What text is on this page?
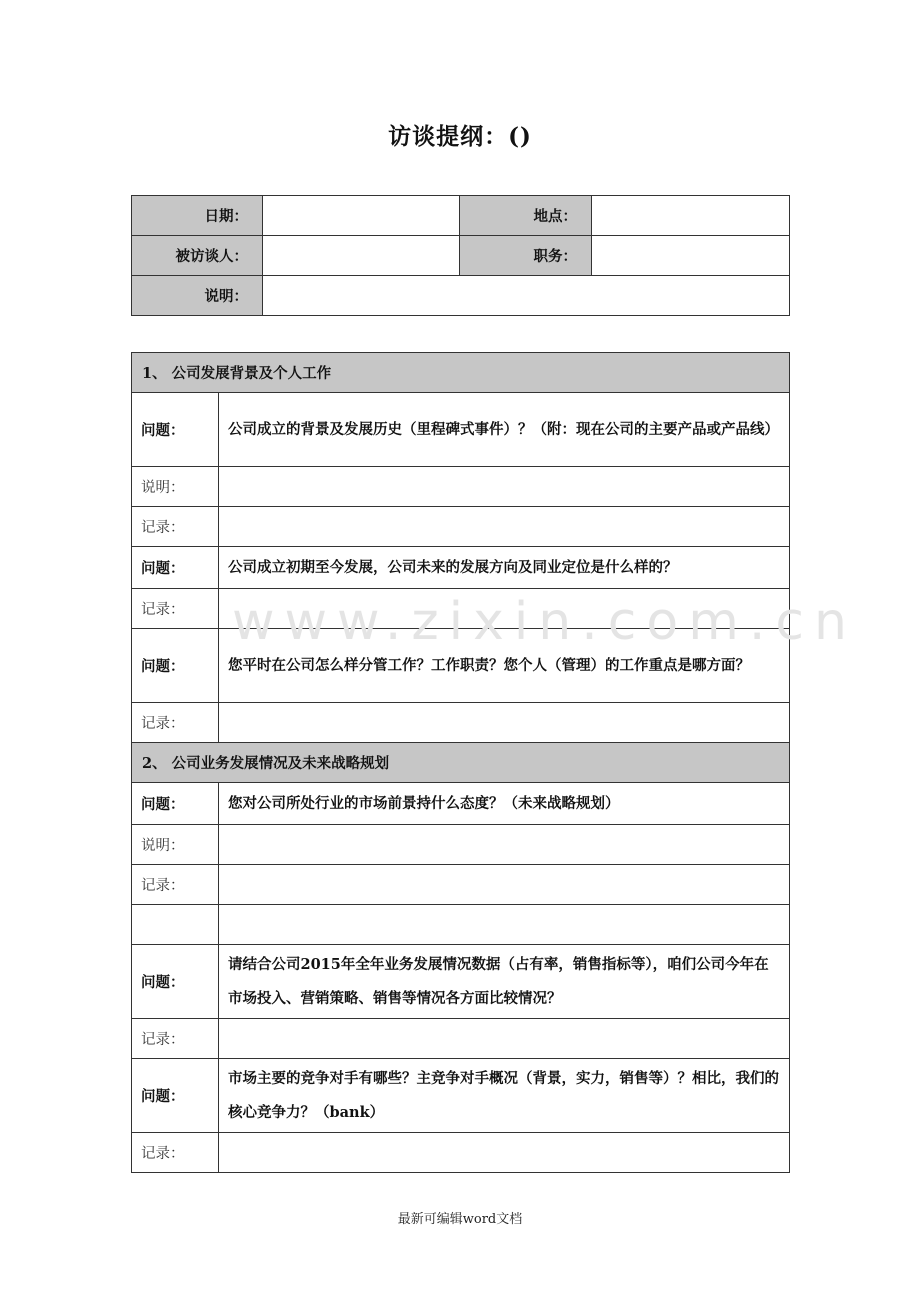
访谈提纲：()
日期：		地点：	
被访谈人：		职务：	
说明：			
1、 公司发展背景及个人工作	
问题：	公司成立的背景及发展历史（里程碑式事件）？（附：现在公司的主要产品或产品线）
说明：	
记录：	
问题：	公司成立初期至今发展，公司未来的发展方向及同业定位是什么样的？
记录：	
问题：	您平时在公司怎么样分管工作？工作职责？您个人（管理）的工作重点是哪方面？
记录：	
2、 公司业务发展情况及未来战略规划	
问题：	您对公司所处行业的市场前景持什么态度？（未来战略规划）
说明：	
记录：	

问题：	请结合公司2015年全年业务发展情况数据（占有率，销售指标等），咱们公司今年在市场投入、营销策略、销售等情况各方面比较情况？
记录：	
问题：	市场主要的竞争对手有哪些？主竞争对手概况（背景，实力，销售等）？相比，我们的核心竞争力？（bank）
记录：	
www.zixin.com.cn
最新可编辑word文档
